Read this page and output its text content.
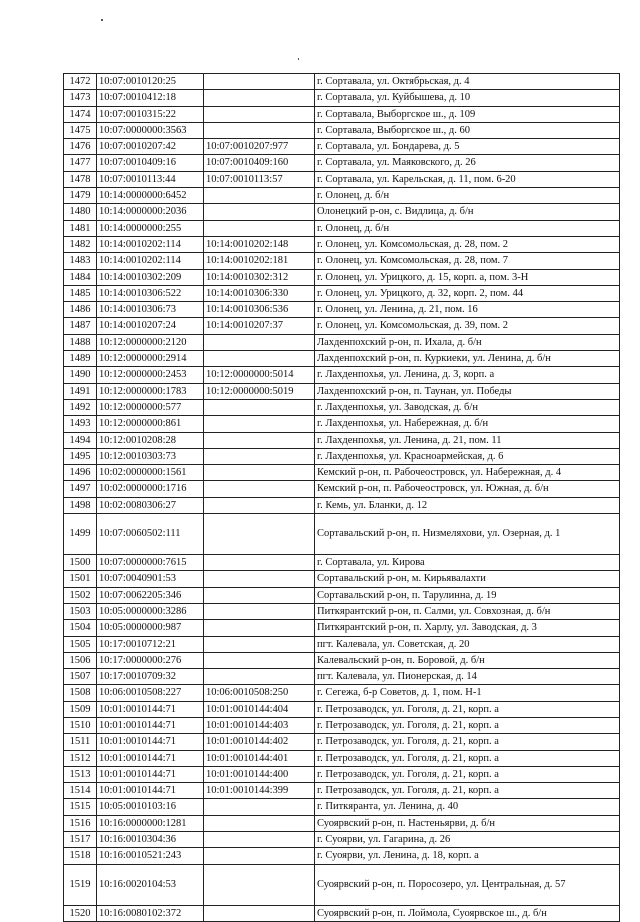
1472	10:07:0010120:25		г. Сортавала, ул. Октябрьская, д. 4
1473	10:07:0010412:18		г. Сортавала, ул. Куйбышева, д. 10
1474	10:07:0010315:22		г. Сортавала, Выборгское ш., д. 109
1475	10:07:0000000:3563		г. Сортавала, Выборгское ш., д. 60
1476	10:07:0010207:42	10:07:0010207:977	г. Сортавала, ул. Бондарева, д. 5
1477	10:07:0010409:16	10:07:0010409:160	г. Сортавала, ул. Маяковского, д. 26
1478	10:07:0010113:44	10:07:0010113:57	г. Сортавала, ул. Карельская, д. 11, пом. 6-20
1479	10:14:0000000:6452		г. Олонец, д. б/н
1480	10:14:0000000:2036		Олонецкий р-он, с. Видлица, д. б/н
1481	10:14:0000000:255		г. Олонец, д. б/н
1482	10:14:0010202:114	10:14:0010202:148	г. Олонец, ул. Комсомольская, д. 28, пом. 2
1483	10:14:0010202:114	10:14:0010202:181	г. Олонец, ул. Комсомольская, д. 28, пом. 7
1484	10:14:0010302:209	10:14:0010302:312	г. Олонец, ул. Урицкого, д. 15, корп. а, пом. 3-Н
1485	10:14:0010306:522	10:14:0010306:330	г. Олонец, ул. Урицкого, д. 32, корп. 2, пом. 44
1486	10:14:0010306:73	10:14:0010306:536	г. Олонец, ул. Ленина, д. 21, пом. 16
1487	10:14:0010207:24	10:14:0010207:37	г. Олонец, ул. Комсомольская, д. 39, пом. 2
1488	10:12:0000000:2120		Лахденпохский р-он, п. Ихала, д. б/н
1489	10:12:0000000:2914		Лахденпохский р-он, п. Куркиеки, ул. Ленина, д. б/н
1490	10:12:0000000:2453	10:12:0000000:5014	г. Лахденпохья, ул. Ленина, д. 3, корп. а
1491	10:12:0000000:1783	10:12:0000000:5019	Лахденпохский р-он, п. Таунан, ул. Победы
1492	10:12:0000000:577		г. Лахденпохья, ул. Заводская, д. б/н
1493	10:12:0000000:861		г. Лахденпохья, ул. Набережная, д. б/н
1494	10:12:0010208:28		г. Лахденпохья, ул. Ленина, д. 21, пом. 11
1495	10:12:0010303:73		г. Лахденпохья, ул. Красноармейская, д. 6
1496	10:02:0000000:1561		Кемский р-он, п. Рабочеостровск, ул. Набережная, д. 4
1497	10:02:0000000:1716		Кемский р-он, п. Рабочеостровск, ул. Южная, д. б/н
1498	10:02:0080306:27		г. Кемь, ул. Бланки, д. 12
1499	10:07:0060502:111		Сортавальский р-он, п. Низмеляхови, ул. Озерная, д. 1
1500	10:07:0000000:7615		г. Сортавала, ул. Кирова
1501	10:07:0040901:53		Сортавальский р-он, м. Кирьявалахти
1502	10:07:0062205:346		Сортавальский р-он, п. Тарулинна, д. 19
1503	10:05:0000000:3286		Питкярантский р-он, п. Салми, ул. Совхозная, д. б/н
1504	10:05:0000000:987		Питкярантский р-он, п. Харлу, ул. Заводская, д. 3
1505	10:17:0010712:21		пгт. Калевала, ул. Советская, д. 20
1506	10:17:0000000:276		Калевальский р-он, п. Боровой, д. б/н
1507	10:17:0010709:32		пгт. Калевала, ул. Пионерская, д. 14
1508	10:06:0010508:227	10:06:0010508:250	г. Сегежа, б-р Советов, д. 1, пом. Н-1
1509	10:01:0010144:71	10:01:0010144:404	г. Петрозаводск, ул. Гоголя, д. 21, корп. а
1510	10:01:0010144:71	10:01:0010144:403	г. Петрозаводск, ул. Гоголя, д. 21, корп. а
1511	10:01:0010144:71	10:01:0010144:402	г. Петрозаводск, ул. Гоголя, д. 21, корп. а
1512	10:01:0010144:71	10:01:0010144:401	г. Петрозаводск, ул. Гоголя, д. 21, корп. а
1513	10:01:0010144:71	10:01:0010144:400	г. Петрозаводск, ул. Гоголя, д. 21, корп. а
1514	10:01:0010144:71	10:01:0010144:399	г. Петрозаводск, ул. Гоголя, д. 21, корп. а
1515	10:05:0010103:16		г. Питкяранта, ул. Ленина, д. 40
1516	10:16:0000000:1281		Суоярвский р-он, п. Настеньярви, д. б/н
1517	10:16:0010304:36		г. Суоярви, ул. Гагарина, д. 26
1518	10:16:0010521:243		г. Суоярви, ул. Ленина, д. 18, корп. а
1519	10:16:0020104:53		Суоярвский р-он, п. Поросозеро, ул. Центральная, д. 57
1520	10:16:0080102:372		Суоярвский р-он, п. Лоймола, Суоярвское ш., д. б/н
